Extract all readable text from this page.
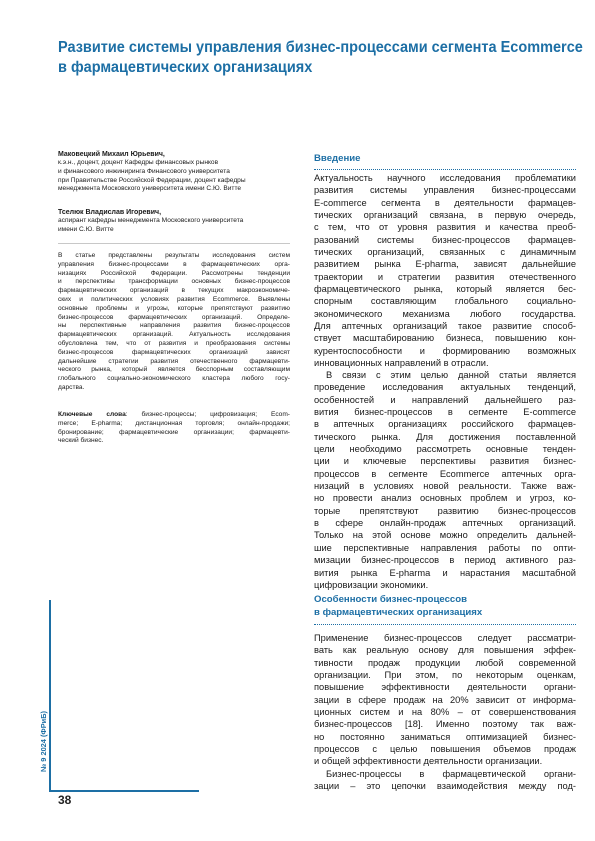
Развитие системы управления бизнес-процессами сегмента Ecommerce
в фармацевтических организациях
Маковецкий Михаил Юрьевич,
к.э.н., доцент, доцент Кафедры финансовых рынков
и финансового инжиниринга Финансового университета
при Правительстве Российской Федерации, доцент кафедры
менеджмента Московского университета имени С.Ю. Витте
Тселюк Владислав Игоревич,
аспирант кафедры менеджмента Московского университета
имени С.Ю. Витте
В статье представлены результаты исследования систем
управления бизнес-процессами в фармацевтических орга-
низациях Российской Федерации. Рассмотрены тенденции
и перспективы трансформации основных бизнес-процессов
фармацевтических организаций в текущих макроэкономиче-
ских и политических условиях развития Ecommerce. Выявлены
основные проблемы и угрозы, которые препятствуют развитию
бизнес-процессов фармацевтических организаций. Определе-
ны перспективные направления развития бизнес-процессов
фармацевтических организаций. Актуальность исследования
обусловлена тем, что от развития и преобразования системы
бизнес-процессов фармацевтических организаций зависят
дальнейшие стратегии развития отечественного фармацевти-
ческого рынка, который является бесспорным составляющим
глобального социально-экономического кластера любого госу-
дарства.
Ключевые слова: бизнес-процессы; цифровизация; Ecom-
merce; E-pharma; дистанционная торговля; онлайн-продажи;
бронирование; фармацевтические организации; фармацевти-
ческий бизнес.
Введение
Актуальность научного исследования проблематики
развития системы управления бизнес-процессами
E-commerce сегмента в деятельности фармацев-
тических организаций связана, в первую очередь,
с тем, что от уровня развития и качества преоб-
разований системы бизнес-процессов фармацев-
тических организаций, связанных с динамичным
развитием рынка E-pharma, зависят дальнейшие
траектории и стратегии развития отечественного
фармацевтического рынка, который является бес-
спорным составляющим глобального социально-
экономического механизма любого государства.
Для аптечных организаций такое развитие способ-
ствует масштабированию бизнеса, повышению кон-
курентоспособности и формированию возможных
инновационных направлений в отрасли.
В связи с этим целью данной статьи является
проведение исследования актуальных тенденций,
особенностей и направлений дальнейшего раз-
вития бизнес-процессов в сегменте E-commerce
в аптечных организациях российского фармацев-
тического рынка. Для достижения поставленной
цели необходимо рассмотреть основные тенден-
ции и ключевые перспективы развития бизнес-
процессов в сегменте Ecommerce аптечных орга-
низаций в условиях новой реальности. Также важ-
но провести анализ основных проблем и угроз, ко-
торые препятствуют развитию бизнес-процессов
в сфере онлайн-продаж аптечных организаций.
Только на этой основе можно определить дальней-
шие перспективные направления работы по опти-
мизации бизнес-процессов в период активного раз-
вития рынка E-pharma и нарастания масштабной
цифровизации экономики.
Особенности бизнес-процессов
в фармацевтических организациях
Применение бизнес-процессов следует рассматри-
вать как реальную основу для повышения эффек-
тивности продаж продукции любой современной
организации. При этом, по некоторым оценкам,
повышение эффективности деятельности органи-
зации в сфере продаж на 20% зависит от информа-
ционных систем и на 80% – от совершенствования
бизнес-процессов [18]. Именно поэтому так важ-
но постоянно заниматься оптимизацией бизнес-
процессов с целью повышения объемов продаж
и общей эффективности деятельности организации.
Бизнес-процессы в фармацевтической органи-
зации – это цепочки взаимодействия между под-
№ 9 2024 (ФРиБ)
38
